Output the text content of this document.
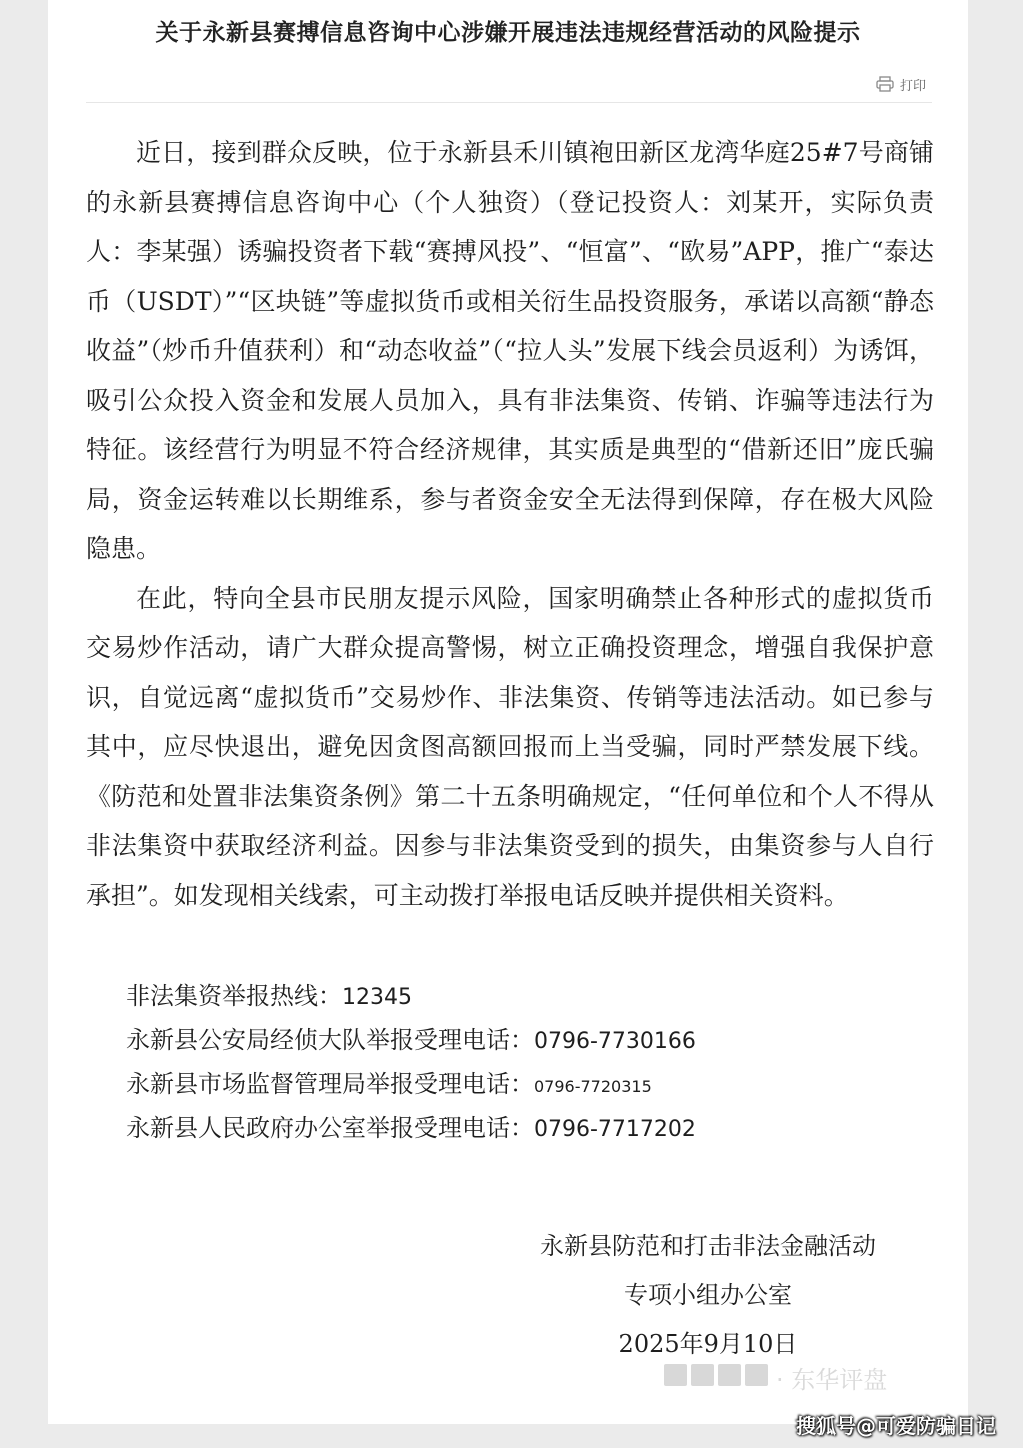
关于永新县赛搏信息咨询中心涉嫌开展违法违规经营活动的风险提示
打印

近日，接到群众反映，位于永新县禾川镇袍田新区龙湾华庭25#7号商铺的永新县赛搏信息咨询中心（个人独资）（登记投资人：刘某开，实际负责人：李某强）诱骗投资者下载“赛搏风投”、“恒富”、“欧易”APP，推广“泰达币（USDT）”“区块链”等虚拟货币或相关衍生品投资服务，承诺以高额“静态收益”（炒币升值获利）和“动态收益”（“拉人头”发展下线会员返利）为诱饵，吸引公众投入资金和发展人员加入，具有非法集资、传销、诈骗等违法行为特征。该经营行为明显不符合经济规律，其实质是典型的“借新还旧”庞氏骗局，资金运转难以长期维系，参与者资金安全无法得到保障，存在极大风险隐患。

在此，特向全县市民朋友提示风险，国家明确禁止各种形式的虚拟货币交易炒作活动，请广大群众提高警惕，树立正确投资理念，增强自我保护意识，自觉远离“虚拟货币”交易炒作、非法集资、传销等违法活动。如已参与其中，应尽快退出，避免因贪图高额回报而上当受骗，同时严禁发展下线。《防范和处置非法集资条例》第二十五条明确规定，“任何单位和个人不得从非法集资中获取经济利益。因参与非法集资受到的损失，由集资参与人自行承担”。如发现相关线索，可主动拨打举报电话反映并提供相关资料。

非法集资举报热线：12345
永新县公安局经侦大队举报受理电话：0796-7730166
永新县市场监督管理局举报受理电话：0796-7720315
永新县人民政府办公室举报受理电话：0796-7717202
永新县防范和打击非法金融活动
专项小组办公室
2025年9月10日
· 东华评盘
搜狐号@可爱防骗日记
